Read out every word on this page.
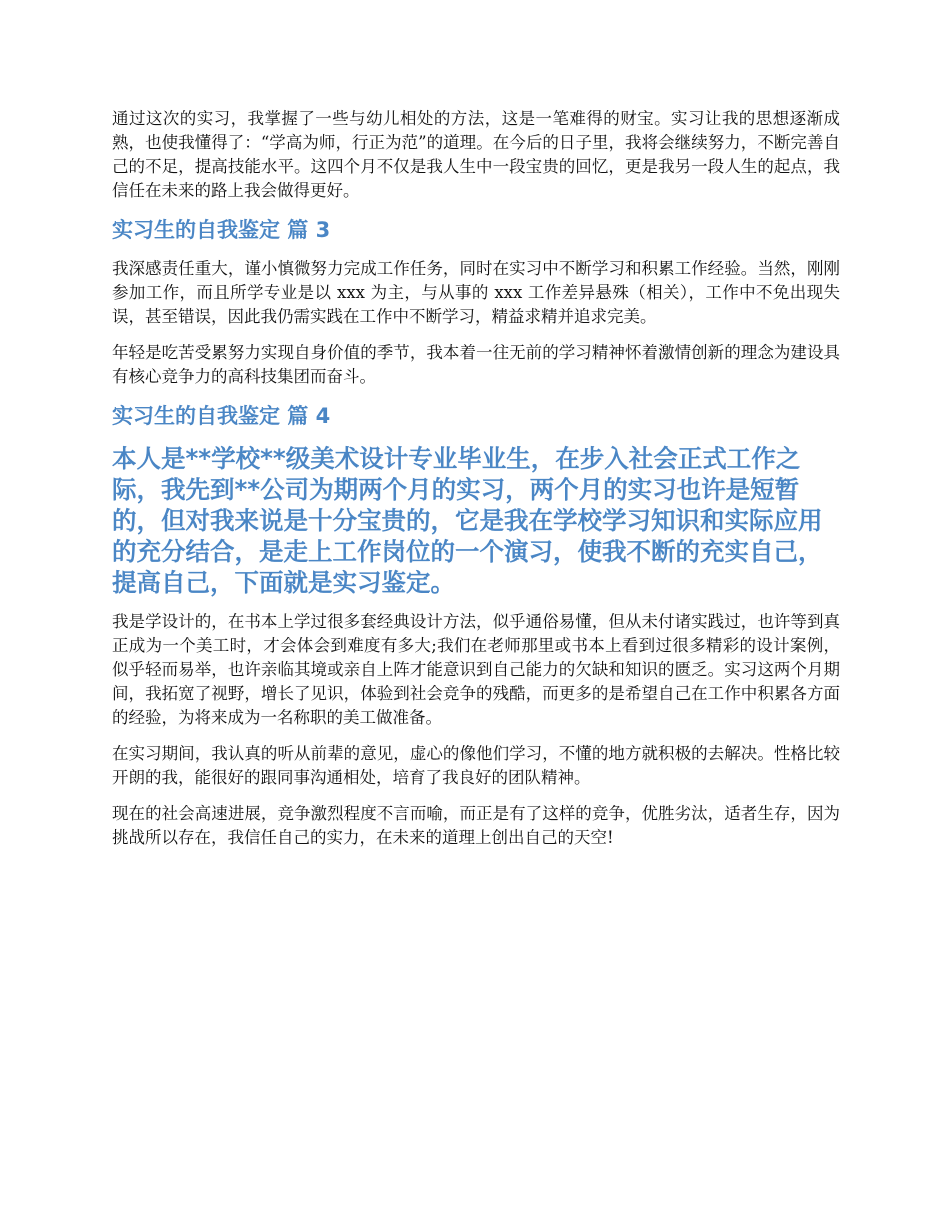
通过这次的实习，我掌握了一些与幼儿相处的方法，这是一笔难得的财宝。实习让我的思想逐渐成熟，也使我懂得了：“学高为师，行正为范”的道理。在今后的日子里，我将会继续努力，不断完善自己的不足，提高技能水平。这四个月不仅是我人生中一段宝贵的回忆，更是我另一段人生的起点，我信任在未来的路上我会做得更好。

实习生的自我鉴定 篇 3

我深感责任重大，谨小慎微努力完成工作任务，同时在实习中不断学习和积累工作经验。当然，刚刚参加工作，而且所学专业是以 xxx 为主，与从事的 xxx 工作差异悬殊（相关），工作中不免出现失误，甚至错误，因此我仍需实践在工作中不断学习，精益求精并追求完美。

年轻是吃苦受累努力实现自身价值的季节，我本着一往无前的学习精神怀着激情创新的理念为建设具有核心竞争力的高科技集团而奋斗。

实习生的自我鉴定 篇 4
本人是**学校**级美术设计专业毕业生，在步入社会正式工作之际，我先到**公司为期两个月的实习，两个月的实习也许是短暂的，但对我来说是十分宝贵的，它是我在学校学习知识和实际应用的充分结合，是走上工作岗位的一个演习，使我不断的充实自己，提高自己，下面就是实习鉴定。

我是学设计的，在书本上学过很多套经典设计方法，似乎通俗易懂，但从未付诸实践过，也许等到真正成为一个美工时，才会体会到难度有多大;我们在老师那里或书本上看到过很多精彩的设计案例，似乎轻而易举，也许亲临其境或亲自上阵才能意识到自己能力的欠缺和知识的匮乏。实习这两个月期间，我拓宽了视野，增长了见识，体验到社会竞争的残酷，而更多的是希望自己在工作中积累各方面的经验，为将来成为一名称职的美工做准备。

在实习期间，我认真的听从前辈的意见，虚心的像他们学习，不懂的地方就积极的去解决。性格比较开朗的我，能很好的跟同事沟通相处，培育了我良好的团队精神。

现在的社会高速进展，竞争激烈程度不言而喻，而正是有了这样的竞争，优胜劣汰，适者生存，因为挑战所以存在，我信任自己的实力，在未来的道理上创出自己的天空!
